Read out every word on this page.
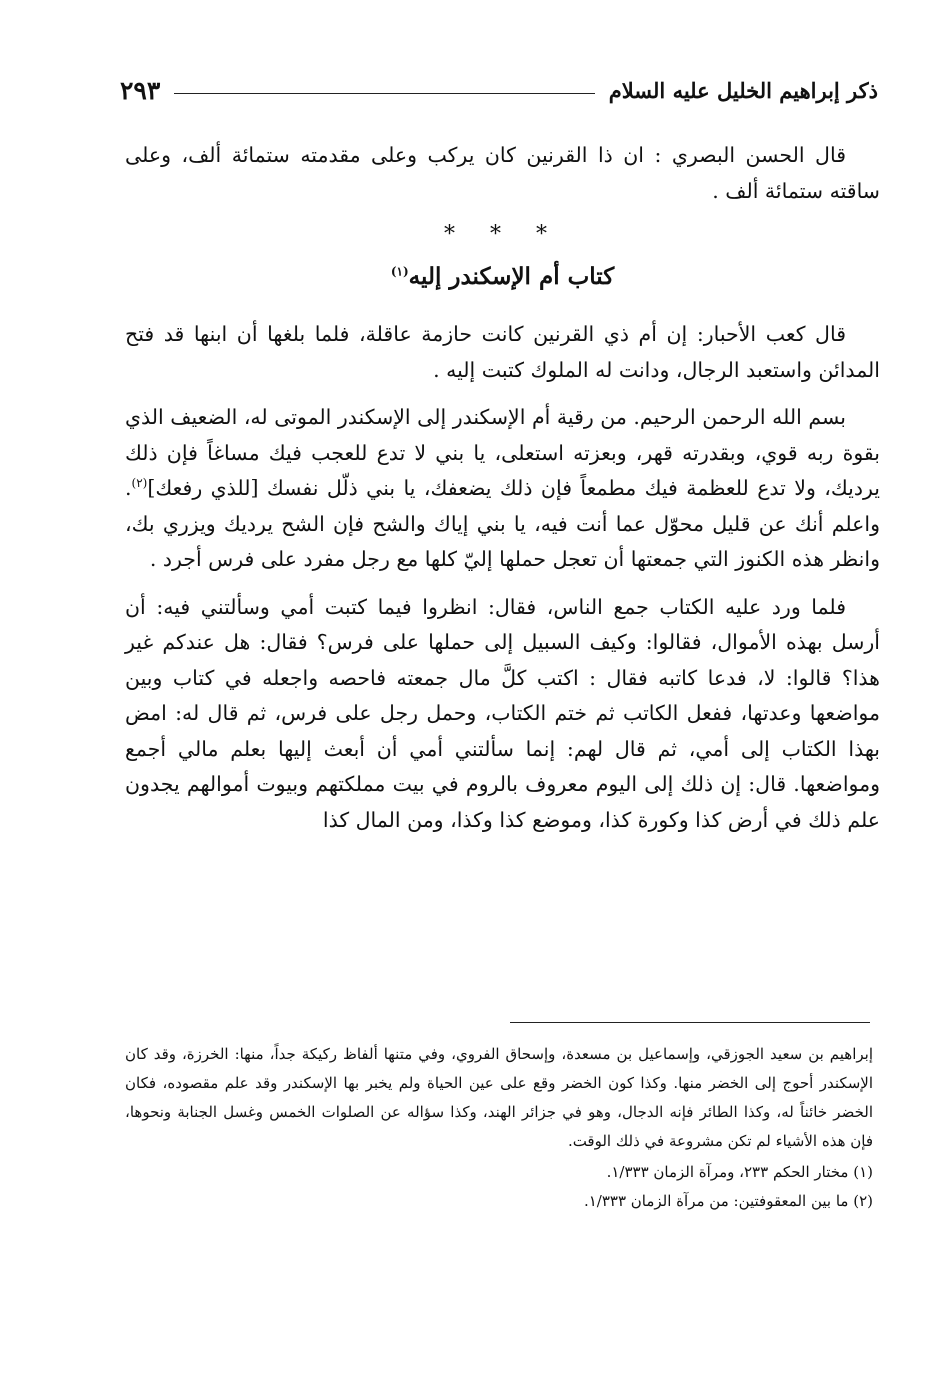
ذكر إبراهيم الخليل عليه السلام
٢٩٣

قال الحسن البصري : ان ذا القرنين كان يركب وعلى مقدمته ستمائة ألف، وعلى ساقته ستمائة ألف .

* * *
كتاب أم الإسكندر إليه$^{(١)}$

قال كعب الأحبار: إن أم ذي القرنين كانت حازمة عاقلة، فلما بلغها أن ابنها قد فتح المدائن واستعبد الرجال، ودانت له الملوك كتبت إليه .

بسم الله الرحمن الرحيم. من رقية أم الإسكندر إلى الإسكندر الموتى له، الضعيف الذي بقوة ربه قوي، وبقدرته قهر، وبعزته استعلى، يا بني لا تدع للعجب فيك مساغاً فإن ذلك يرديك، ولا تدع للعظمة فيك مطمعاً فإن ذلك يضعفك، يا بني ذلّل نفسك [للذي رفعك]$^{(٢)}$. واعلم أنك عن قليل محوّل عما أنت فيه، يا بني إياك والشح فإن الشح يرديك ويزري بك، وانظر هذه الكنوز التي جمعتها أن تعجل حملها إليّ كلها مع رجل مفرد على فرس أجرد .

فلما ورد عليه الكتاب جمع الناس، فقال: انظروا فيما كتبت أمي وسألتني فيه: أن أرسل بهذه الأموال، فقالوا: وكيف السبيل إلى حملها على فرس؟ فقال: هل عندكم غير هذا؟ قالوا: لا، فدعا كاتبه فقال : اكتب كلَّ مال جمعته فاحصه واجعله في كتاب وبين مواضعها وعدتها، ففعل الكاتب ثم ختم الكتاب، وحمل رجل على فرس، ثم قال له: امض بهذا الكتاب إلى أمي، ثم قال لهم: إنما سألتني أمي أن أبعث إليها بعلم مالي أجمع ومواضعها. قال: إن ذلك إلى اليوم معروف بالروم في بيت مملكتهم وبيوت أموالهم يجدون علم ذلك في أرض كذا وكورة كذا، وموضع كذا وكذا، ومن المال كذا

إبراهيم بن سعيد الجوزقي، وإسماعيل بن مسعدة، وإسحاق الفروي، وفي متنها ألفاظ ركيكة جداً، منها: الخرزة، وقد كان الإسكندر أحوج إلى الخضر منها. وكذا كون الخضر وقع على عين الحياة ولم يخبر بها الإسكندر وقد علم مقصوده، فكان الخضر خائناً له، وكذا الطائر فإنه الدجال، وهو في جزائر الهند، وكذا سؤاله عن الصلوات الخمس وغسل الجنابة ونحوها، فإن هذه الأشياء لم تكن مشروعة في ذلك الوقت.

(١) مختار الحكم ٢٣٣، ومرآة الزمان ١/٣٣٣.

(٢) ما بين المعقوفتين: من مرآة الزمان ١/٣٣٣.
